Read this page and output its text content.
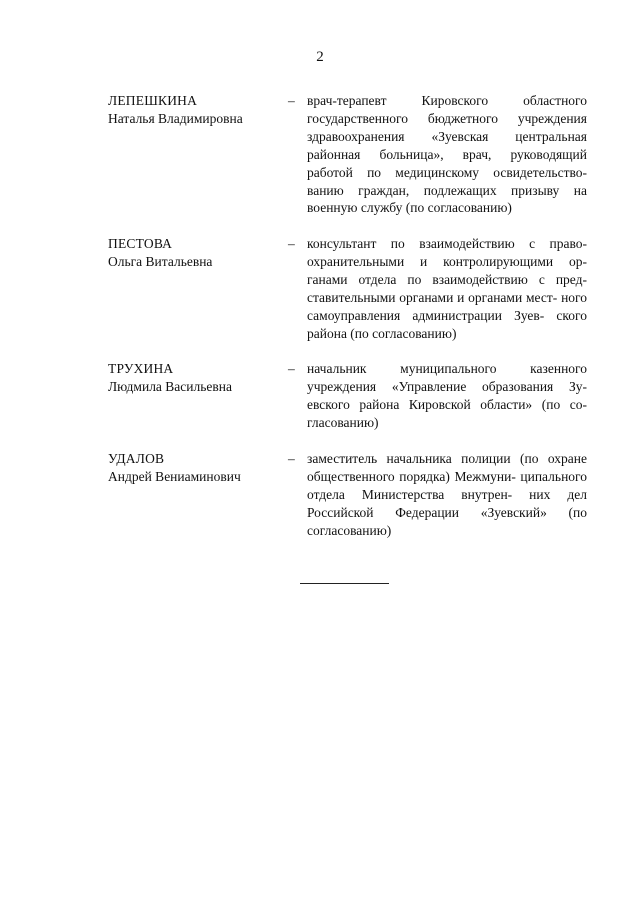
2
ЛЕПЕШКИНА
Наталья Владимировна
– врач-терапевт Кировского областного государственного бюджетного учреждения здравоохранения «Зуевская центральная районная больница», врач, руководящий работой по медицинскому освидетельство- ванию граждан, подлежащих призыву на военную службу (по согласованию)
ПЕСТОВА
Ольга Витальевна
– консультант по взаимодействию с право- охранительными и контролирующими ор- ганами отдела по взаимодействию с пред- ставительными органами и органами мест- ного самоуправления администрации Зуев- ского района (по согласованию)
ТРУХИНА
Людмила Васильевна
– начальник муниципального казенного учреждения «Управление образования Зу- евского района Кировской области» (по со- гласованию)
УДАЛОВ
Андрей Вениаминович
– заместитель начальника полиции (по охране общественного порядка) Межмуни- ципального отдела Министерства внутрен- них дел Российской Федерации «Зуевский» (по согласованию)
